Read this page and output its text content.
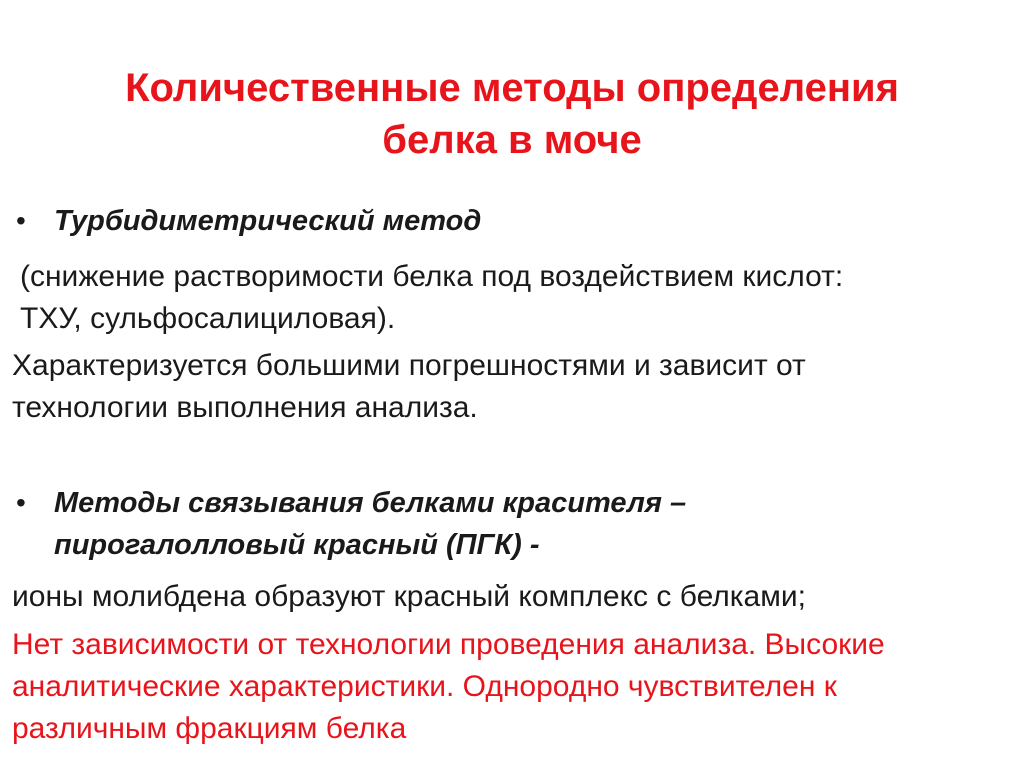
Количественные методы определения
белка в моче
• Турбидиметрический метод
(снижение растворимости белка под воздействием кислот:
ТХУ, сульфосалициловая).
Характеризуется большими погрешностями и зависит от
технологии выполнения анализа.
• Методы связывания белками красителя –
пирогалолловый красный (ПГК) -
ионы молибдена образуют красный комплекс с белками;
Нет зависимости от технологии проведения анализа. Высокие
аналитические характеристики. Однородно чувствителен к
различным фракциям белка
